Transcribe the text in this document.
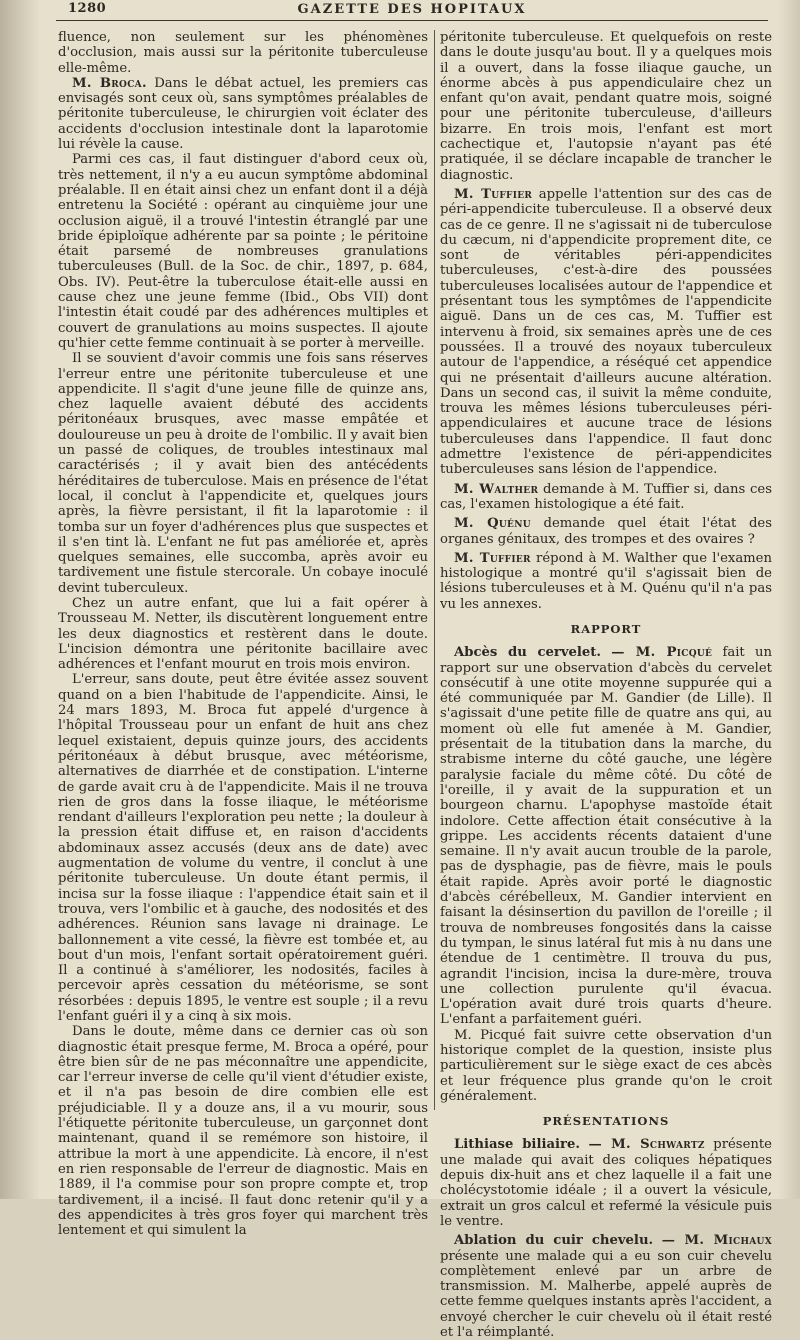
1280	GAZETTE DES HOPITAUX

fluence, non seulement sur les phénomènes d'occlusion, mais aussi sur la péritonite tuberculeuse elle-même.

M. Broca. Dans le débat actuel, les premiers cas envisagés sont ceux où, sans symptômes préalables de péritonite tuberculeuse, le chirurgien voit éclater des accidents d'occlusion intestinale dont la laparotomie lui révèle la cause.

Parmi ces cas, il faut distinguer d'abord ceux où, très nettement, il n'y a eu aucun symptôme abdominal préalable. Il en était ainsi chez un enfant dont il a déjà entretenu la Société : opérant au cinquième jour une occlusion aiguë, il a trouvé l'intestin étranglé par une bride épiploïque adhérente par sa pointe ; le péritoine était parsemé de nombreuses granulations tuberculeuses (Bull. de la Soc. de chir., 1897, p. 684, Obs. IV). Peut-être la tuberculose était-elle aussi en cause chez une jeune femme (Ibid., Obs VII) dont l'intestin était coudé par des adhérences multiples et couvert de granulations au moins suspectes. Il ajoute qu'hier cette femme continuait à se porter à merveille.

Il se souvient d'avoir commis une fois sans réserves l'erreur entre une péritonite tuberculeuse et une appendicite. Il s'agit d'une jeune fille de quinze ans, chez laquelle avaient débuté des accidents péritonéaux brusques, avec masse empâtée et douloureuse un peu à droite de l'ombilic. Il y avait bien un passé de coliques, de troubles intestinaux mal caractérisés ; il y avait bien des antécédents héréditaires de tuberculose. Mais en présence de l'état local, il conclut à l'appendicite et, quelques jours après, la fièvre persistant, il fit la laparotomie : il tomba sur un foyer d'adhérences plus que suspectes et il s'en tint là. L'enfant ne fut pas améliorée et, après quelques semaines, elle succomba, après avoir eu tardivement une fistule stercorale. Un cobaye inoculé devint tuberculeux.

Chez un autre enfant, que lui a fait opérer à Trousseau M. Netter, ils discutèrent longuement entre les deux diagnostics et restèrent dans le doute. L'incision démontra une péritonite bacillaire avec adhérences et l'enfant mourut en trois mois environ.

L'erreur, sans doute, peut être évitée assez souvent quand on a bien l'habitude de l'appendicite. Ainsi, le 24 mars 1893, M. Broca fut appelé d'urgence à l'hôpital Trousseau pour un enfant de huit ans chez lequel existaient, depuis quinze jours, des accidents péritonéaux à début brusque, avec météorisme, alternatives de diarrhée et de constipation. L'interne de garde avait cru à de l'appendicite. Mais il ne trouva rien de gros dans la fosse iliaque, le météorisme rendant d'ailleurs l'exploration peu nette ; la douleur à la pression était diffuse et, en raison d'accidents abdominaux assez accusés (deux ans de date) avec augmentation de volume du ventre, il conclut à une péritonite tuberculeuse. Un doute étant permis, il incisa sur la fosse iliaque : l'appendice était sain et il trouva, vers l'ombilic et à gauche, des nodosités et des adhérences. Réunion sans lavage ni drainage. Le ballonnement a vite cessé, la fièvre est tombée et, au bout d'un mois, l'enfant sortait opératoirement guéri. Il a continué à s'améliorer, les nodosités, faciles à percevoir après cessation du météorisme, se sont résorbées : depuis 1895, le ventre est souple ; il a revu l'enfant guéri il y a cinq à six mois.

Dans le doute, même dans ce dernier cas où son diagnostic était presque ferme, M. Broca a opéré, pour être bien sûr de ne pas méconnaître une appendicite, car l'erreur inverse de celle qu'il vient d'étudier existe, et il n'a pas besoin de dire combien elle est préjudiciable. Il y a douze ans, il a vu mourir, sous l'étiquette péritonite tuberculeuse, un garçonnet dont maintenant, quand il se remémore son histoire, il attribue la mort à une appendicite. Là encore, il n'est en rien responsable de l'erreur de diagnostic. Mais en 1889, il l'a commise pour son propre compte et, trop tardivement, il a incisé. Il faut donc retenir qu'il y a des appendicites à très gros foyer qui marchent très lentement et qui simulent la

péritonite tuberculeuse. Et quelquefois on reste dans le doute jusqu'au bout. Il y a quelques mois il a ouvert, dans la fosse iliaque gauche, un énorme abcès à pus appendiculaire chez un enfant qu'on avait, pendant quatre mois, soigné pour une péritonite tuberculeuse, d'ailleurs bizarre. En trois mois, l'enfant est mort cachectique et, l'autopsie n'ayant pas été pratiquée, il se déclare incapable de trancher le diagnostic.

M. Tuffier appelle l'attention sur des cas de péri-appendicite tuberculeuse. Il a observé deux cas de ce genre. Il ne s'agissait ni de tuberculose du cæcum, ni d'appendicite proprement dite, ce sont de véritables péri-appendicites tuberculeuses, c'est-à-dire des poussées tuberculeuses localisées autour de l'appendice et présentant tous les symptômes de l'appendicite aiguë. Dans un de ces cas, M. Tuffier est intervenu à froid, six semaines après une de ces poussées. Il a trouvé des noyaux tuberculeux autour de l'appendice, a réséqué cet appendice qui ne présentait d'ailleurs aucune altération. Dans un second cas, il suivit la même conduite, trouva les mêmes lésions tuberculeuses péri-appendiculaires et aucune trace de lésions tuberculeuses dans l'appendice. Il faut donc admettre l'existence de péri-appendicites tuberculeuses sans lésion de l'appendice.

M. Walther demande à M. Tuffier si, dans ces cas, l'examen histologique a été fait.

M. Quénu demande quel était l'état des organes génitaux, des trompes et des ovaires ?

M. Tuffier répond à M. Walther que l'examen histologique a montré qu'il s'agissait bien de lésions tuberculeuses et à M. Quénu qu'il n'a pas vu les annexes.

RAPPORT

Abcès du cervelet. — M. Picqué fait un rapport sur une observation d'abcès du cervelet consécutif à une otite moyenne suppurée qui a été communiquée par M. Gandier (de Lille). Il s'agissait d'une petite fille de quatre ans qui, au moment où elle fut amenée à M. Gandier, présentait de la titubation dans la marche, du strabisme interne du côté gauche, une légère paralysie faciale du même côté. Du côté de l'oreille, il y avait de la suppuration et un bourgeon charnu. L'apophyse mastoïde était indolore. Cette affection était consécutive à la grippe. Les accidents récents dataient d'une semaine. Il n'y avait aucun trouble de la parole, pas de dysphagie, pas de fièvre, mais le pouls était rapide. Après avoir porté le diagnostic d'abcès cérébelleux, M. Gandier intervient en faisant la désinsertion du pavillon de l'oreille ; il trouva de nombreuses fongosités dans la caisse du tympan, le sinus latéral fut mis à nu dans une étendue de 1 centimètre. Il trouva du pus, agrandit l'incision, incisa la dure-mère, trouva une collection purulente qu'il évacua. L'opération avait duré trois quarts d'heure. L'enfant a parfaitement guéri.

M. Picqué fait suivre cette observation d'un historique complet de la question, insiste plus particulièrement sur le siège exact de ces abcès et leur fréquence plus grande qu'on le croit généralement.

PRÉSENTATIONS

Lithiase biliaire. — M. Schwartz présente une malade qui avait des coliques hépatiques depuis dix-huit ans et chez laquelle il a fait une cholécystotomie idéale ; il a ouvert la vésicule, extrait un gros calcul et refermé la vésicule puis le ventre.

Ablation du cuir chevelu. — M. Michaux présente une malade qui a eu son cuir chevelu complètement enlevé par un arbre de transmission. M. Malherbe, appelé auprès de cette femme quelques instants après l'accident, a envoyé chercher le cuir chevelu où il était resté et l'a réimplanté.
